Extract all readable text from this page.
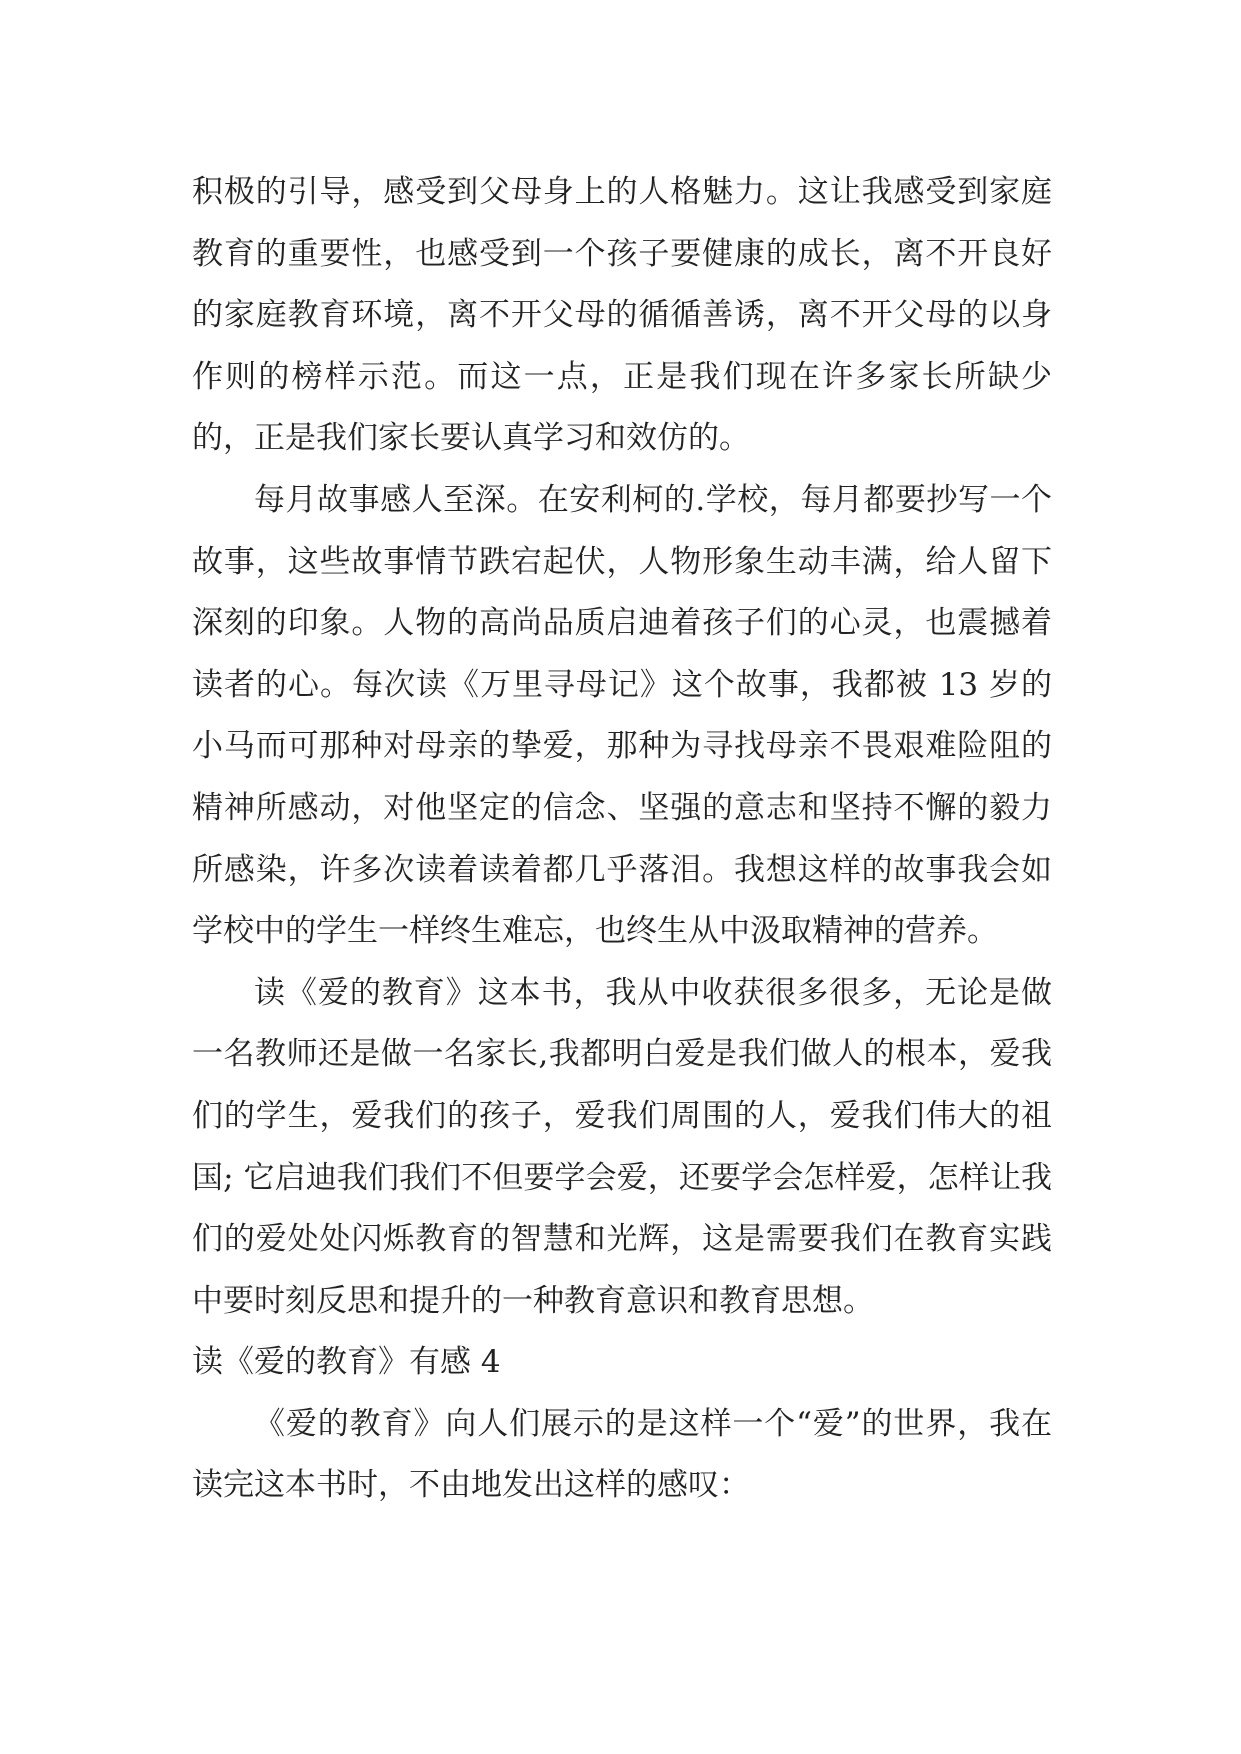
积极的引导，感受到父母身上的人格魅力。这让我感受到家庭教育的重要性，也感受到一个孩子要健康的成长，离不开良好的家庭教育环境，离不开父母的循循善诱，离不开父母的以身作则的榜样示范。而这一点，正是我们现在许多家长所缺少的，正是我们家长要认真学习和效仿的。

每月故事感人至深。在安利柯的.学校，每月都要抄写一个故事，这些故事情节跌宕起伏，人物形象生动丰满，给人留下深刻的印象。人物的高尚品质启迪着孩子们的心灵，也震撼着读者的心。每次读《万里寻母记》这个故事，我都被 13 岁的小马而可那种对母亲的挚爱，那种为寻找母亲不畏艰难险阻的精神所感动，对他坚定的信念、坚强的意志和坚持不懈的毅力所感染，许多次读着读着都几乎落泪。我想这样的故事我会如学校中的学生一样终生难忘，也终生从中汲取精神的营养。

读《爱的教育》这本书，我从中收获很多很多，无论是做一名教师还是做一名家长,我都明白爱是我们做人的根本，爱我们的学生，爱我们的孩子，爱我们周围的人，爱我们伟大的祖国; 它启迪我们我们不但要学会爱，还要学会怎样爱，怎样让我们的爱处处闪烁教育的智慧和光辉，这是需要我们在教育实践中要时刻反思和提升的一种教育意识和教育思想。

读《爱的教育》有感 4

《爱的教育》向人们展示的是这样一个“爱”的世界，我在读完这本书时，不由地发出这样的感叹：
